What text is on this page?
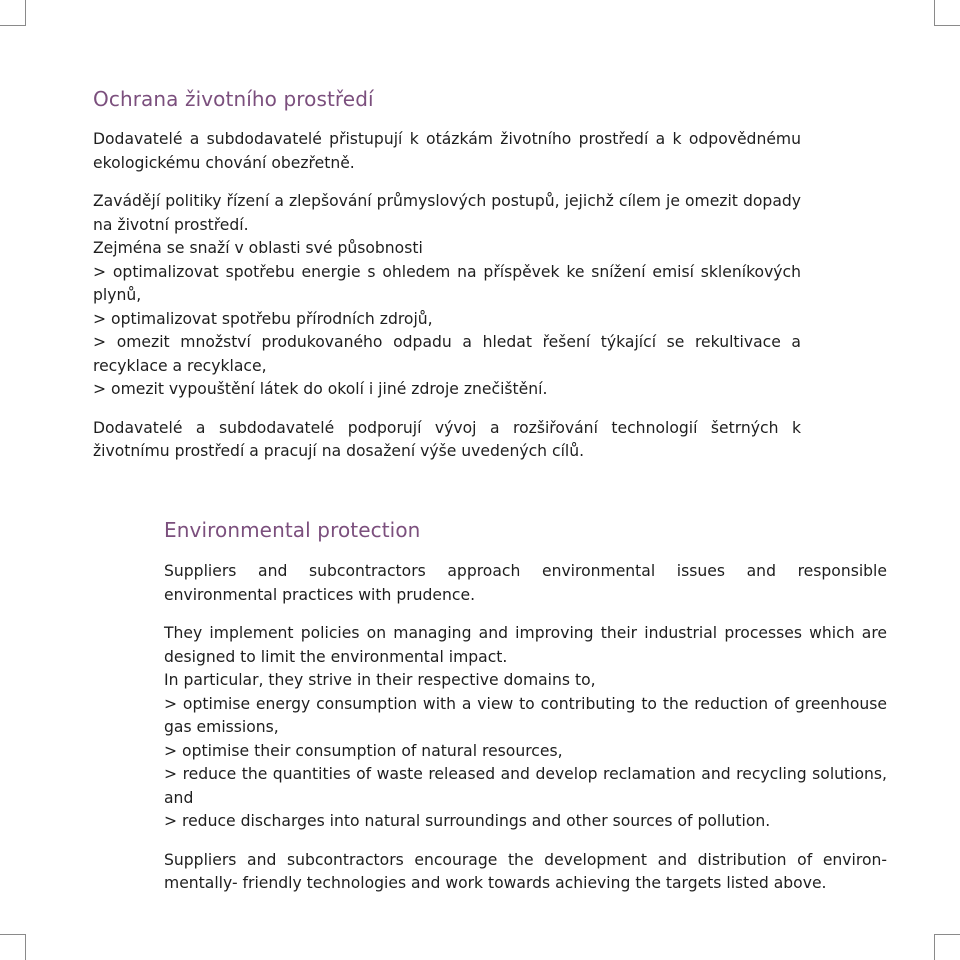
Ochrana životního prostředí

Dodavatelé a subdodavatelé přistupují k otázkám životního prostředí a k odpovědnému ekologickému chování obezřetně.

Zavádějí politiky řízení a zlepšování průmyslových postupů, jejichž cílem je omezit dopady na životní prostředí.

Zejména se snaží v oblasti své působnosti

> optimalizovat spotřebu energie s ohledem na příspěvek ke snížení emisí skleníkových plynů,

> optimalizovat spotřebu přírodních zdrojů,

> omezit množství produkovaného odpadu a hledat řešení týkající se rekultivace a recyklace a recyklace,

> omezit vypouštění látek do okolí i jiné zdroje znečištění.

Dodavatelé a subdodavatelé podporují vývoj a rozšiřování technologií šetrných k životnímu prostředí a pracují na dosažení výše uvedených cílů.

Environmental protection

Suppliers and subcontractors approach environmental issues and responsible environmental practices with prudence.

They implement policies on managing and improving their industrial processes which are designed to limit the environmental impact.

In particular, they strive in their respective domains to,

> optimise energy consumption with a view to contributing to the reduction of greenhouse gas emissions,

> optimise their consumption of natural resources,

> reduce the quantities of waste released and develop reclamation and recycling solutions, and

> reduce discharges into natural surroundings and other sources of pollution.

Suppliers and subcontractors encourage the development and distribution of environ-mentally- friendly technologies and work towards achieving the targets listed above.
